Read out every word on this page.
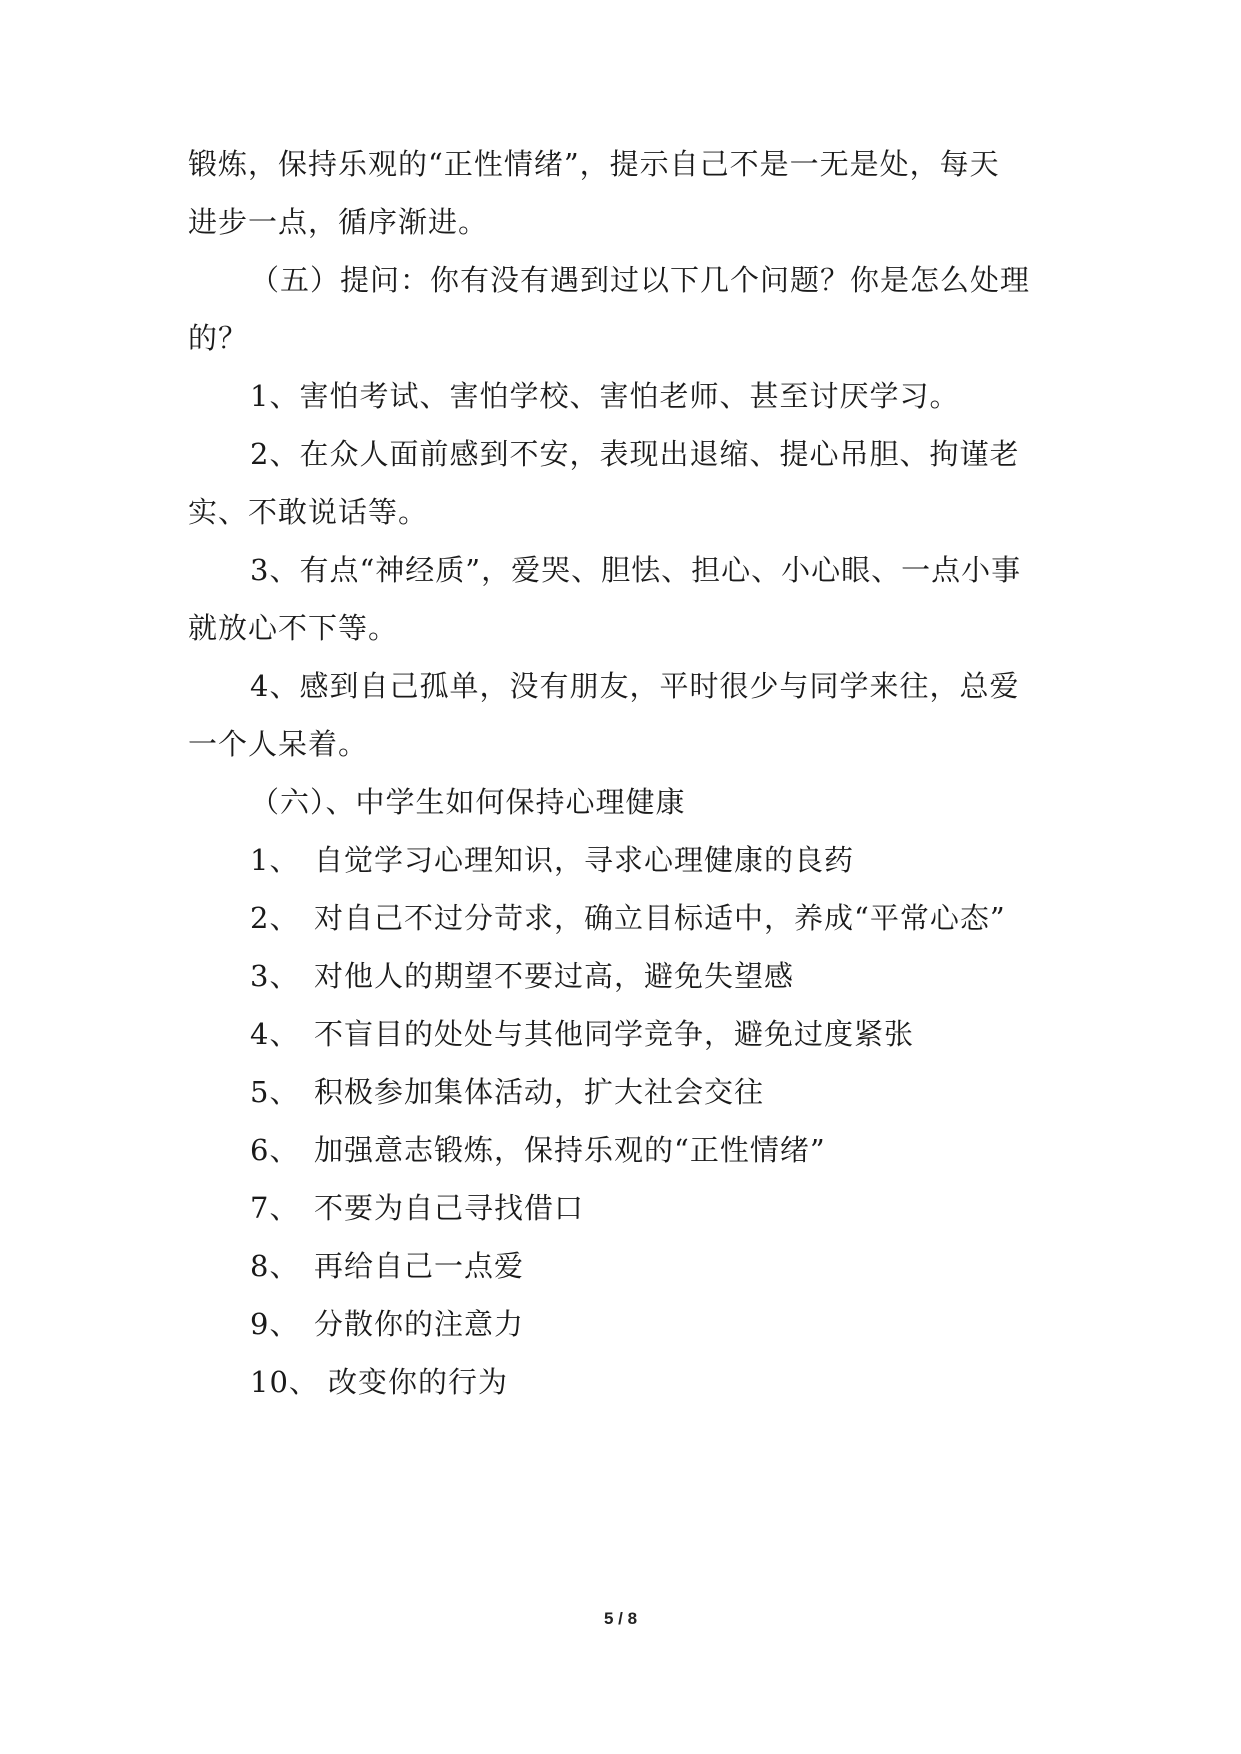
锻炼，保持乐观的“正性情绪”，提示自己不是一无是处，每天
进步一点，循序渐进。
（五）提问：你有没有遇到过以下几个问题？你是怎么处理
的？
1、害怕考试、害怕学校、害怕老师、甚至讨厌学习。
2、在众人面前感到不安，表现出退缩、提心吊胆、拘谨老
实、不敢说话等。
3、有点“神经质”，爱哭、胆怯、担心、小心眼、一点小事
就放心不下等。
4、感到自己孤单，没有朋友，平时很少与同学来往，总爱
一个人呆着。
（六）、中学生如何保持心理健康
1、 自觉学习心理知识，寻求心理健康的良药
2、 对自己不过分苛求，确立目标适中，养成“平常心态”
3、 对他人的期望不要过高，避免失望感
4、 不盲目的处处与其他同学竞争，避免过度紧张
5、 积极参加集体活动，扩大社会交往
6、 加强意志锻炼，保持乐观的“正性情绪”
7、 不要为自己寻找借口
8、 再给自己一点爱
9、 分散你的注意力
10、 改变你的行为
5 / 8
